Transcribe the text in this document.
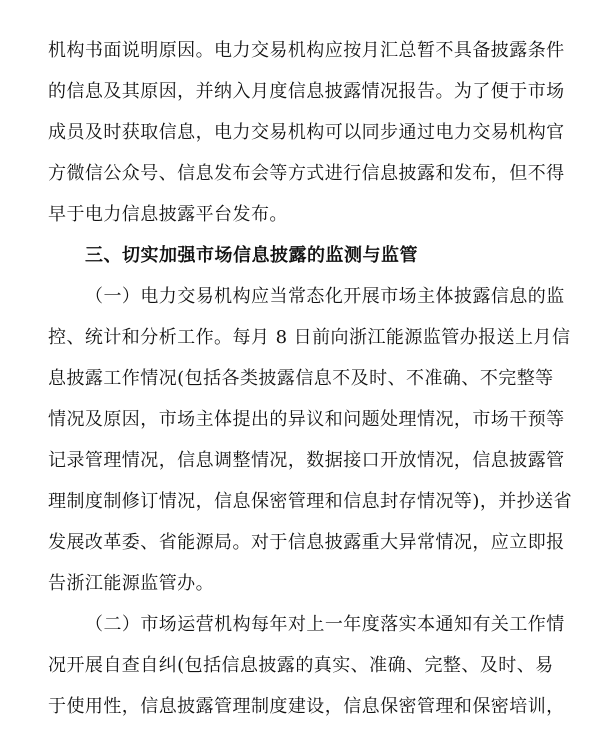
机构书面说明原因。电力交易机构应按月汇总暂不具备披露条件
的信息及其原因，并纳入月度信息披露情况报告。为了便于市场
成员及时获取信息，电力交易机构可以同步通过电力交易机构官
方微信公众号、信息发布会等方式进行信息披露和发布，但不得
早于电力信息披露平台发布。
三、切实加强市场信息披露的监测与监管
（一）电力交易机构应当常态化开展市场主体披露信息的监
控、统计和分析工作。每月 8 日前向浙江能源监管办报送上月信
息披露工作情况(包括各类披露信息不及时、不准确、不完整等
情况及原因，市场主体提出的异议和问题处理情况，市场干预等
记录管理情况，信息调整情况，数据接口开放情况，信息披露管
理制度制修订情况，信息保密管理和信息封存情况等)，并抄送省
发展改革委、省能源局。对于信息披露重大异常情况，应立即报
告浙江能源监管办。
（二）市场运营机构每年对上一年度落实本通知有关工作情
况开展自查自纠(包括信息披露的真实、准确、完整、及时、易
于使用性，信息披露管理制度建设，信息保密管理和保密培训，
